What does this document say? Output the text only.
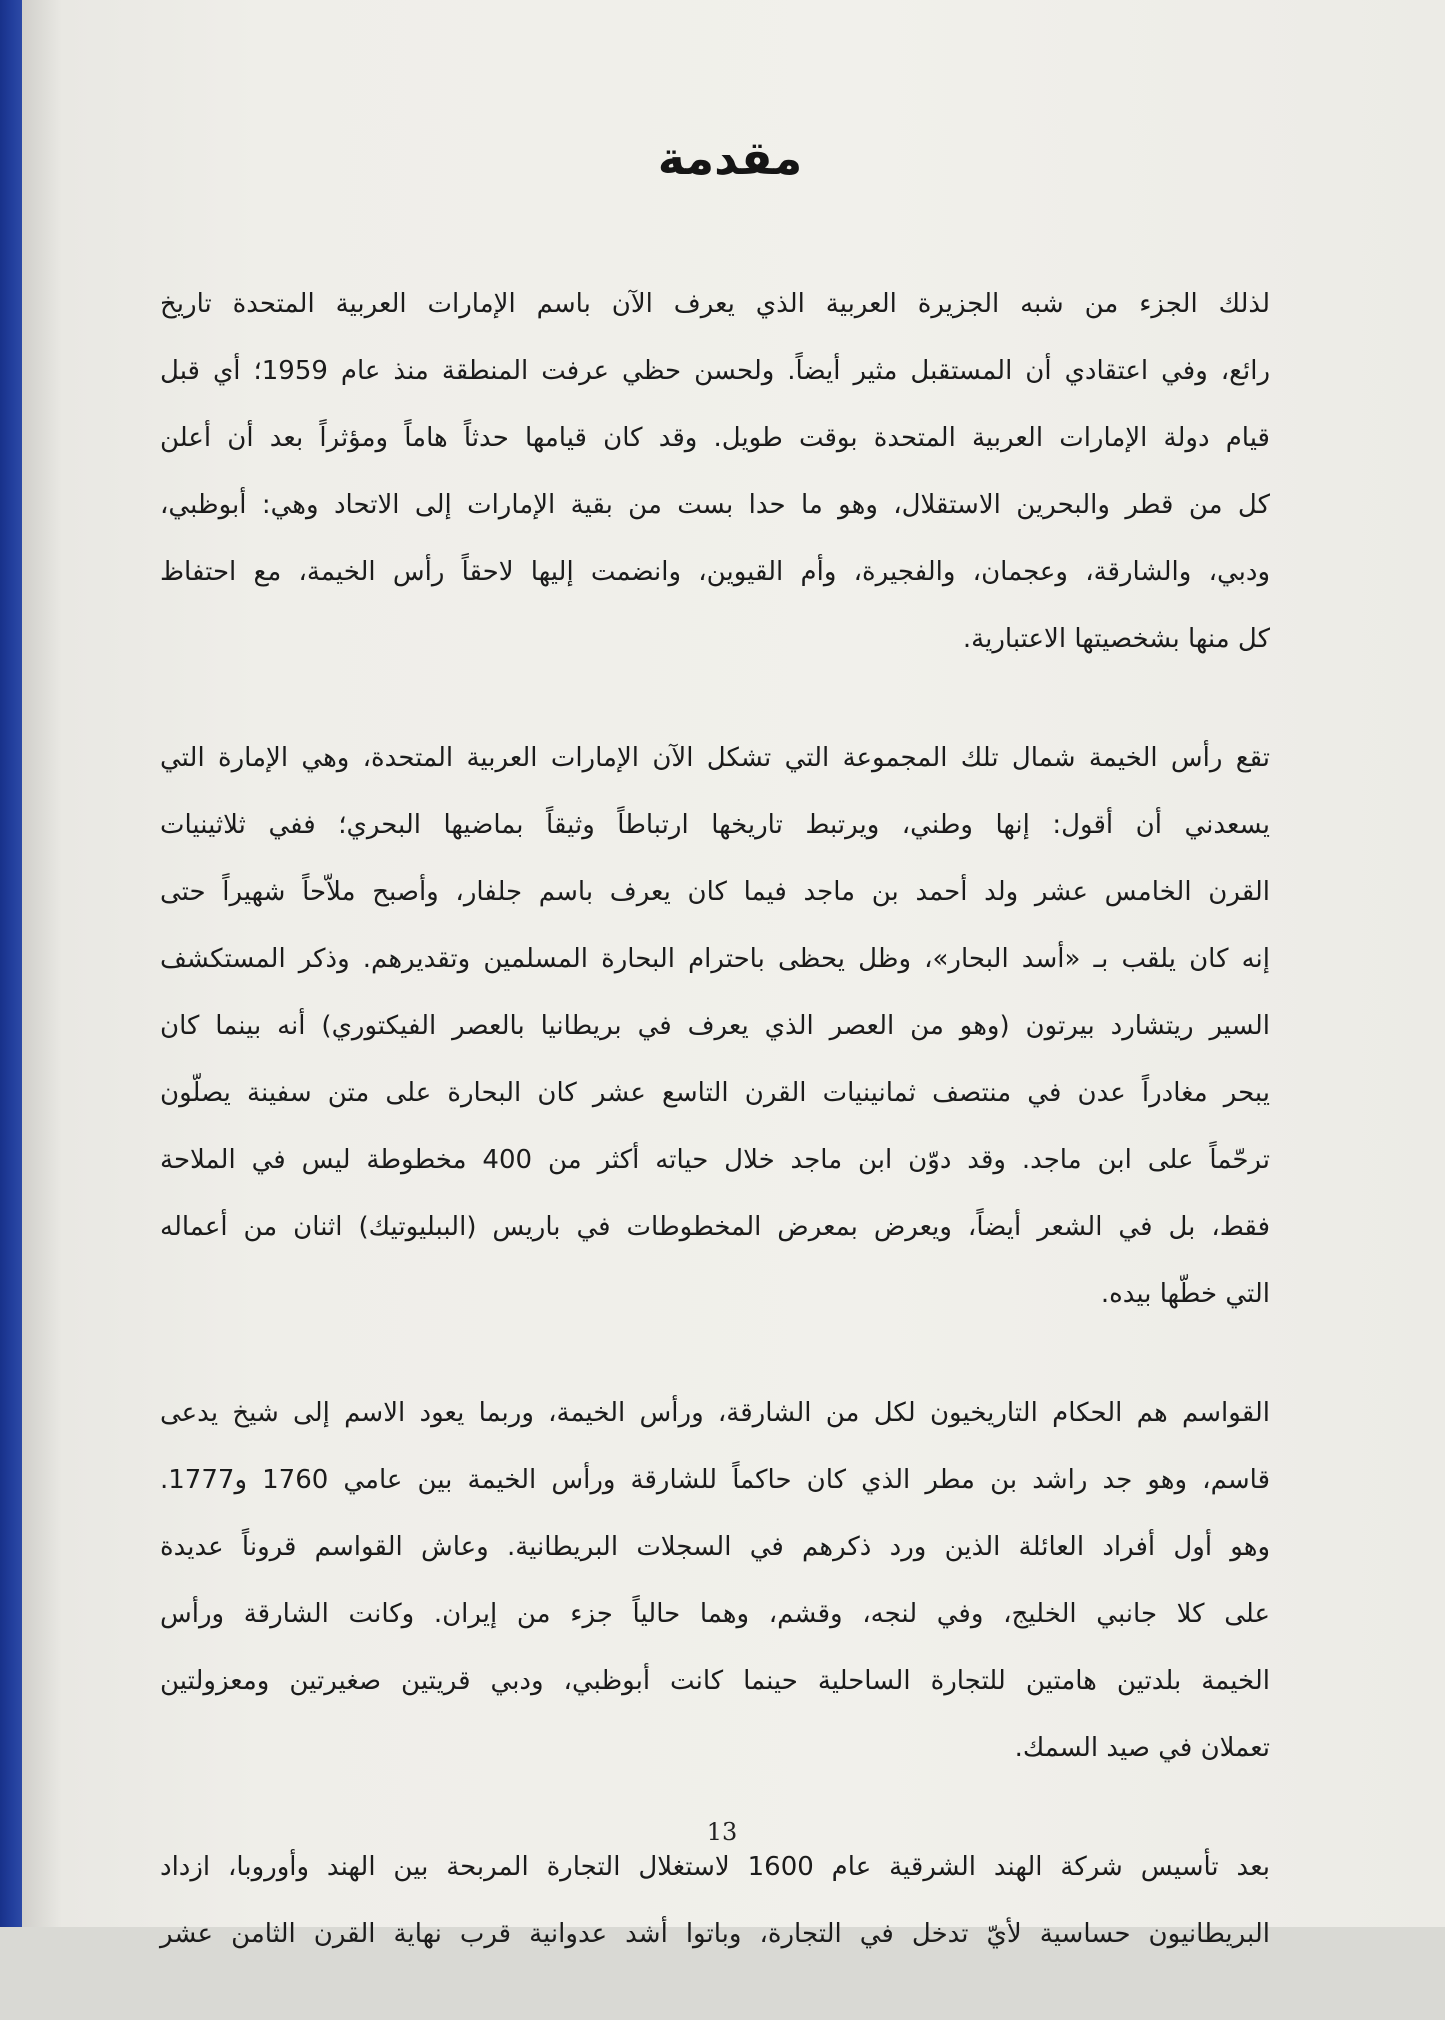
مقدمة
لذلك الجزء من شبه الجزيرة العربية الذي يعرف الآن باسم الإمارات العربية المتحدة تاريخ
رائع، وفي اعتقادي أن المستقبل مثير أيضاً. ولحسن حظي عرفت المنطقة منذ عام 1959؛ أي قبل
قيام دولة الإمارات العربية المتحدة بوقت طويل. وقد كان قيامها حدثاً هاماً ومؤثراً بعد أن أعلن
كل من قطر والبحرين الاستقلال، وهو ما حدا بست من بقية الإمارات إلى الاتحاد وهي: أبوظبي،
ودبي، والشارقة، وعجمان، والفجيرة، وأم القيوين، وانضمت إليها لاحقاً رأس الخيمة، مع احتفاظ
كل منها بشخصيتها الاعتبارية.
تقع رأس الخيمة شمال تلك المجموعة التي تشكل الآن الإمارات العربية المتحدة، وهي الإمارة التي
يسعدني أن أقول: إنها وطني، ويرتبط تاريخها ارتباطاً وثيقاً بماضيها البحري؛ ففي ثلاثينيات
القرن الخامس عشر ولد أحمد بن ماجد فيما كان يعرف باسم جلفار، وأصبح ملاّحاً شهيراً حتى
إنه كان يلقب بـ «أسد البحار»، وظل يحظى باحترام البحارة المسلمين وتقديرهم. وذكر المستكشف
السير ريتشارد بيرتون (وهو من العصر الذي يعرف في بريطانيا بالعصر الفيكتوري) أنه بينما كان
يبحر مغادراً عدن في منتصف ثمانينيات القرن التاسع عشر كان البحارة على متن سفينة يصلّون
ترحّماً على ابن ماجد. وقد دوّن ابن ماجد خلال حياته أكثر من 400 مخطوطة ليس في الملاحة
فقط، بل في الشعر أيضاً، ويعرض بمعرض المخطوطات في باريس (الببليوتيك) اثنان من أعماله
التي خطّها بيده.
القواسم هم الحكام التاريخيون لكل من الشارقة، ورأس الخيمة، وربما يعود الاسم إلى شيخ يدعى
قاسم، وهو جد راشد بن مطر الذي كان حاكماً للشارقة ورأس الخيمة بين عامي 1760 و1777.
وهو أول أفراد العائلة الذين ورد ذكرهم في السجلات البريطانية. وعاش القواسم قروناً عديدة
على كلا جانبي الخليج، وفي لنجه، وقشم، وهما حالياً جزء من إيران. وكانت الشارقة ورأس
الخيمة بلدتين هامتين للتجارة الساحلية حينما كانت أبوظبي، ودبي قريتين صغيرتين ومعزولتين
تعملان في صيد السمك.
بعد تأسيس شركة الهند الشرقية عام 1600 لاستغلال التجارة المربحة بين الهند وأوروبا، ازداد
البريطانيون حساسية لأيّ تدخل في التجارة، وباتوا أشد عدوانية قرب نهاية القرن الثامن عشر
13
